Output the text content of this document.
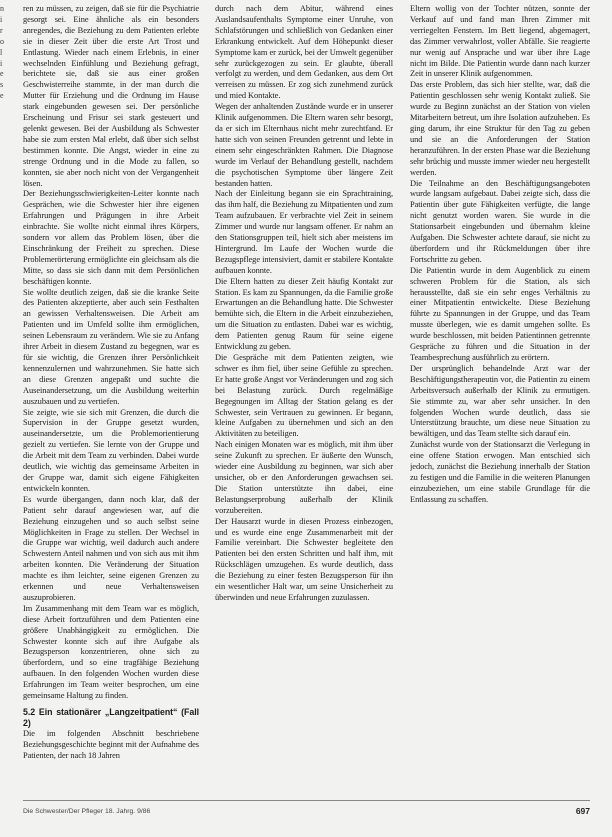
n
i
r
o
l
i
e
s
e

ren zu müssen, zu zeigen, daß sie für die Psychiatrie gesorgt sei. Eine ähnliche als ein besonders anregendes, die Beziehung zu dem Patienten erlebte sie in dieser Zeit über die erste Art Trost und Entlastung. Wieder nach einem Erlebnis, in einer wechselnden Einfühlung und Beziehung gefragt, berichtete sie, daß sie aus einer großen Geschwisterreihe stammte, in der man durch die Mutter für Erziehung und die Ordnung im Hause stark eingebunden gewesen sei. Der persönliche Erscheinung und Frisur sei stark gesteuert und gelenkt gewesen. Bei der Ausbildung als Schwester habe sie zum ersten Mal erlebt, daß über sich selbst bestimmen konnte. Die Angst, wieder in eine zu strenge Ordnung und in die Mode zu fallen, so konnten, sie aber noch nicht von der Vergangenheit lösen.

Der Beziehungsschwierigkeiten-Leiter konnte nach Gesprächen, wie die Schwester hier ihre eigenen Erfahrungen und Prägungen in ihre Arbeit einbrachte. Sie wollte nicht einmal ihres Körpers, sondern vor allem das Problem lösen, über die Einschränkung der Freiheit zu sprechen. Diese Problemerörterung ermöglichte ein gleichsam als die Mitte, so dass sie sich dann mit dem Persönlichen beschäftigen konnte.

Sie wollte deutlich zeigen, daß sie die kranke Seite des Patienten akzeptierte, aber auch sein Festhalten an gewissen Verhaltensweisen. Die Arbeit am Patienten und im Umfeld sollte ihm ermöglichen, seinen Lebensraum zu verändern. Wie sie zu Anfang ihrer Arbeit in diesem Zustand zu begegnen, war es für sie wichtig, die Grenzen ihrer Persönlichkeit kennenzulernen und wahrzunehmen. Sie hatte sich an diese Grenzen angepaßt und suchte die Auseinandersetzung, um die Ausbildung weiterhin auszubauen und zu vertiefen.

Sie zeigte, wie sie sich mit Grenzen, die durch die Supervision in der Gruppe gesetzt wurden, auseinandersetzte, um die Problemorientierung gezielt zu vertiefen. Sie lernte von der Gruppe und die Arbeit mit dem Team zu verbinden. Dabei wurde deutlich, wie wichtig das gemeinsame Arbeiten in der Gruppe war, damit sich eigene Fähigkeiten entwickeln konnten.

Es wurde übergangen, dann noch klar, daß der Patient sehr darauf angewiesen war, auf die Beziehung einzugehen und so auch selbst seine Möglichkeiten in Frage zu stellen. Der Wechsel in die Gruppe war wichtig, weil dadurch auch andere Schwestern Anteil nahmen und von sich aus mit ihm arbeiten konnten. Die Veränderung der Situation machte es ihm leichter, seine eigenen Grenzen zu erkennen und neue Verhaltensweisen auszuprobieren.

Im Zusammenhang mit dem Team war es möglich, diese Arbeit fortzuführen und dem Patienten eine größere Unabhängigkeit zu ermöglichen. Die Schwester konnte sich auf ihre Aufgabe als Bezugsperson konzentrieren, ohne sich zu überfordern, und so eine tragfähige Beziehung aufbauen. In den folgenden Wochen wurden diese Erfahrungen im Team weiter besprochen, um eine gemeinsame Haltung zu finden.

5.2 Ein stationärer „Langzeitpatient“ (Fall 2)

Die im folgenden Abschnitt beschriebene Beziehungsgeschichte beginnt mit der Aufnahme des Patienten, der nach 18 Jahren

durch nach dem Abitur, während eines Auslandsaufenthalts Symptome einer Unruhe, von Schlafstörungen und schließlich von Gedanken einer Erkrankung entwickelt. Auf dem Höhepunkt dieser Symptome kam er zurück, bei der Umwelt gegenüber sehr zurückgezogen zu sein. Er glaubte, überall verfolgt zu werden, und dem Gedanken, aus dem Ort verreisen zu müssen. Er zog sich zunehmend zurück und mied Kontakte.

Wegen der anhaltenden Zustände wurde er in unserer Klinik aufgenommen. Die Eltern waren sehr besorgt, da er sich im Elternhaus nicht mehr zurechtfand. Er hatte sich von seinen Freunden getrennt und lebte in einem sehr eingeschränkten Rahmen. Die Diagnose wurde im Verlauf der Behandlung gestellt, nachdem die psychotischen Symptome über längere Zeit bestanden hatten.

Nach der Einleitung begann sie ein Sprachtraining, das ihm half, die Beziehung zu Mitpatienten und zum Team aufzubauen. Er verbrachte viel Zeit in seinem Zimmer und wurde nur langsam offener. Er nahm an den Stationsgruppen teil, hielt sich aber meistens im Hintergrund. Im Laufe der Wochen wurde die Bezugspflege intensiviert, damit er stabilere Kontakte aufbauen konnte.

Die Eltern hatten zu dieser Zeit häufig Kontakt zur Station. Es kam zu Spannungen, da die Familie große Erwartungen an die Behandlung hatte. Die Schwester bemühte sich, die Eltern in die Arbeit einzubeziehen, um die Situation zu entlasten. Dabei war es wichtig, dem Patienten genug Raum für seine eigene Entwicklung zu geben.

Die Gespräche mit dem Patienten zeigten, wie schwer es ihm fiel, über seine Gefühle zu sprechen. Er hatte große Angst vor Veränderungen und zog sich bei Belastung zurück. Durch regelmäßige Begegnungen im Alltag der Station gelang es der Schwester, sein Vertrauen zu gewinnen. Er begann, kleine Aufgaben zu übernehmen und sich an den Aktivitäten zu beteiligen.

Nach einigen Monaten war es möglich, mit ihm über seine Zukunft zu sprechen. Er äußerte den Wunsch, wieder eine Ausbildung zu beginnen, war sich aber unsicher, ob er den Anforderungen gewachsen sei. Die Station unterstützte ihn dabei, eine Belastungserprobung außerhalb der Klinik vorzubereiten.

Der Hausarzt wurde in diesen Prozess einbezogen, und es wurde eine enge Zusammenarbeit mit der Familie vereinbart. Die Schwester begleitete den Patienten bei den ersten Schritten und half ihm, mit Rückschlägen umzugehen. Es wurde deutlich, dass die Beziehung zu einer festen Bezugsperson für ihn ein wesentlicher Halt war, um seine Unsicherheit zu überwinden und neue Erfahrungen zuzulassen.

Eltern wollig von der Tochter nützen, sonnte der Verkauf auf und fand man Ihren Zimmer mit verriegelten Fenstern. Im Bett liegend, abgemagert, das Zimmer verwahrlost, voller Abfälle. Sie reagierte nur wenig auf Ansprache und war über ihre Lage nicht im Bilde. Die Patientin wurde dann nach kurzer Zeit in unserer Klinik aufgenommen.

Das erste Problem, das sich hier stellte, war, daß die Patientin geschlossen sehr wenig Kontakt zuließ. Sie wurde zu Beginn zunächst an der Station von vielen Mitarbeitern betreut, um ihre Isolation aufzuheben. Es ging darum, ihr eine Struktur für den Tag zu geben und sie an die Anforderungen der Station heranzuführen. In der ersten Phase war die Beziehung sehr brüchig und musste immer wieder neu hergestellt werden.

Die Teilnahme an den Beschäftigungsangeboten wurde langsam aufgebaut. Dabei zeigte sich, dass die Patientin über gute Fähigkeiten verfügte, die lange nicht genutzt worden waren. Sie wurde in die Stationsarbeit eingebunden und übernahm kleine Aufgaben. Die Schwester achtete darauf, sie nicht zu überfordern und ihr Rückmeldungen über ihre Fortschritte zu geben.

Die Patientin wurde in dem Augenblick zu einem schweren Problem für die Station, als sich herausstellte, daß sie ein sehr enges Verhältnis zu einer Mitpatientin entwickelte. Diese Beziehung führte zu Spannungen in der Gruppe, und das Team musste überlegen, wie es damit umgehen sollte. Es wurde beschlossen, mit beiden Patientinnen getrennte Gespräche zu führen und die Situation in der Teambesprechung ausführlich zu erörtern.

Der ursprünglich behandelnde Arzt war der Beschäftigungstherapeutin vor, die Patientin zu einem Arbeitsversuch außerhalb der Klinik zu ermutigen. Sie stimmte zu, war aber sehr unsicher. In den folgenden Wochen wurde deutlich, dass sie Unterstützung brauchte, um diese neue Situation zu bewältigen, und das Team stellte sich darauf ein.

Zunächst wurde von der Stationsarzt die Verlegung in eine offene Station erwogen. Man entschied sich jedoch, zunächst die Beziehung innerhalb der Station zu festigen und die Familie in die weiteren Planungen einzubeziehen, um eine stabile Grundlage für die Entlassung zu schaffen.

Die Schwester/Der Pfleger 18. Jahrg. 9/86	697
